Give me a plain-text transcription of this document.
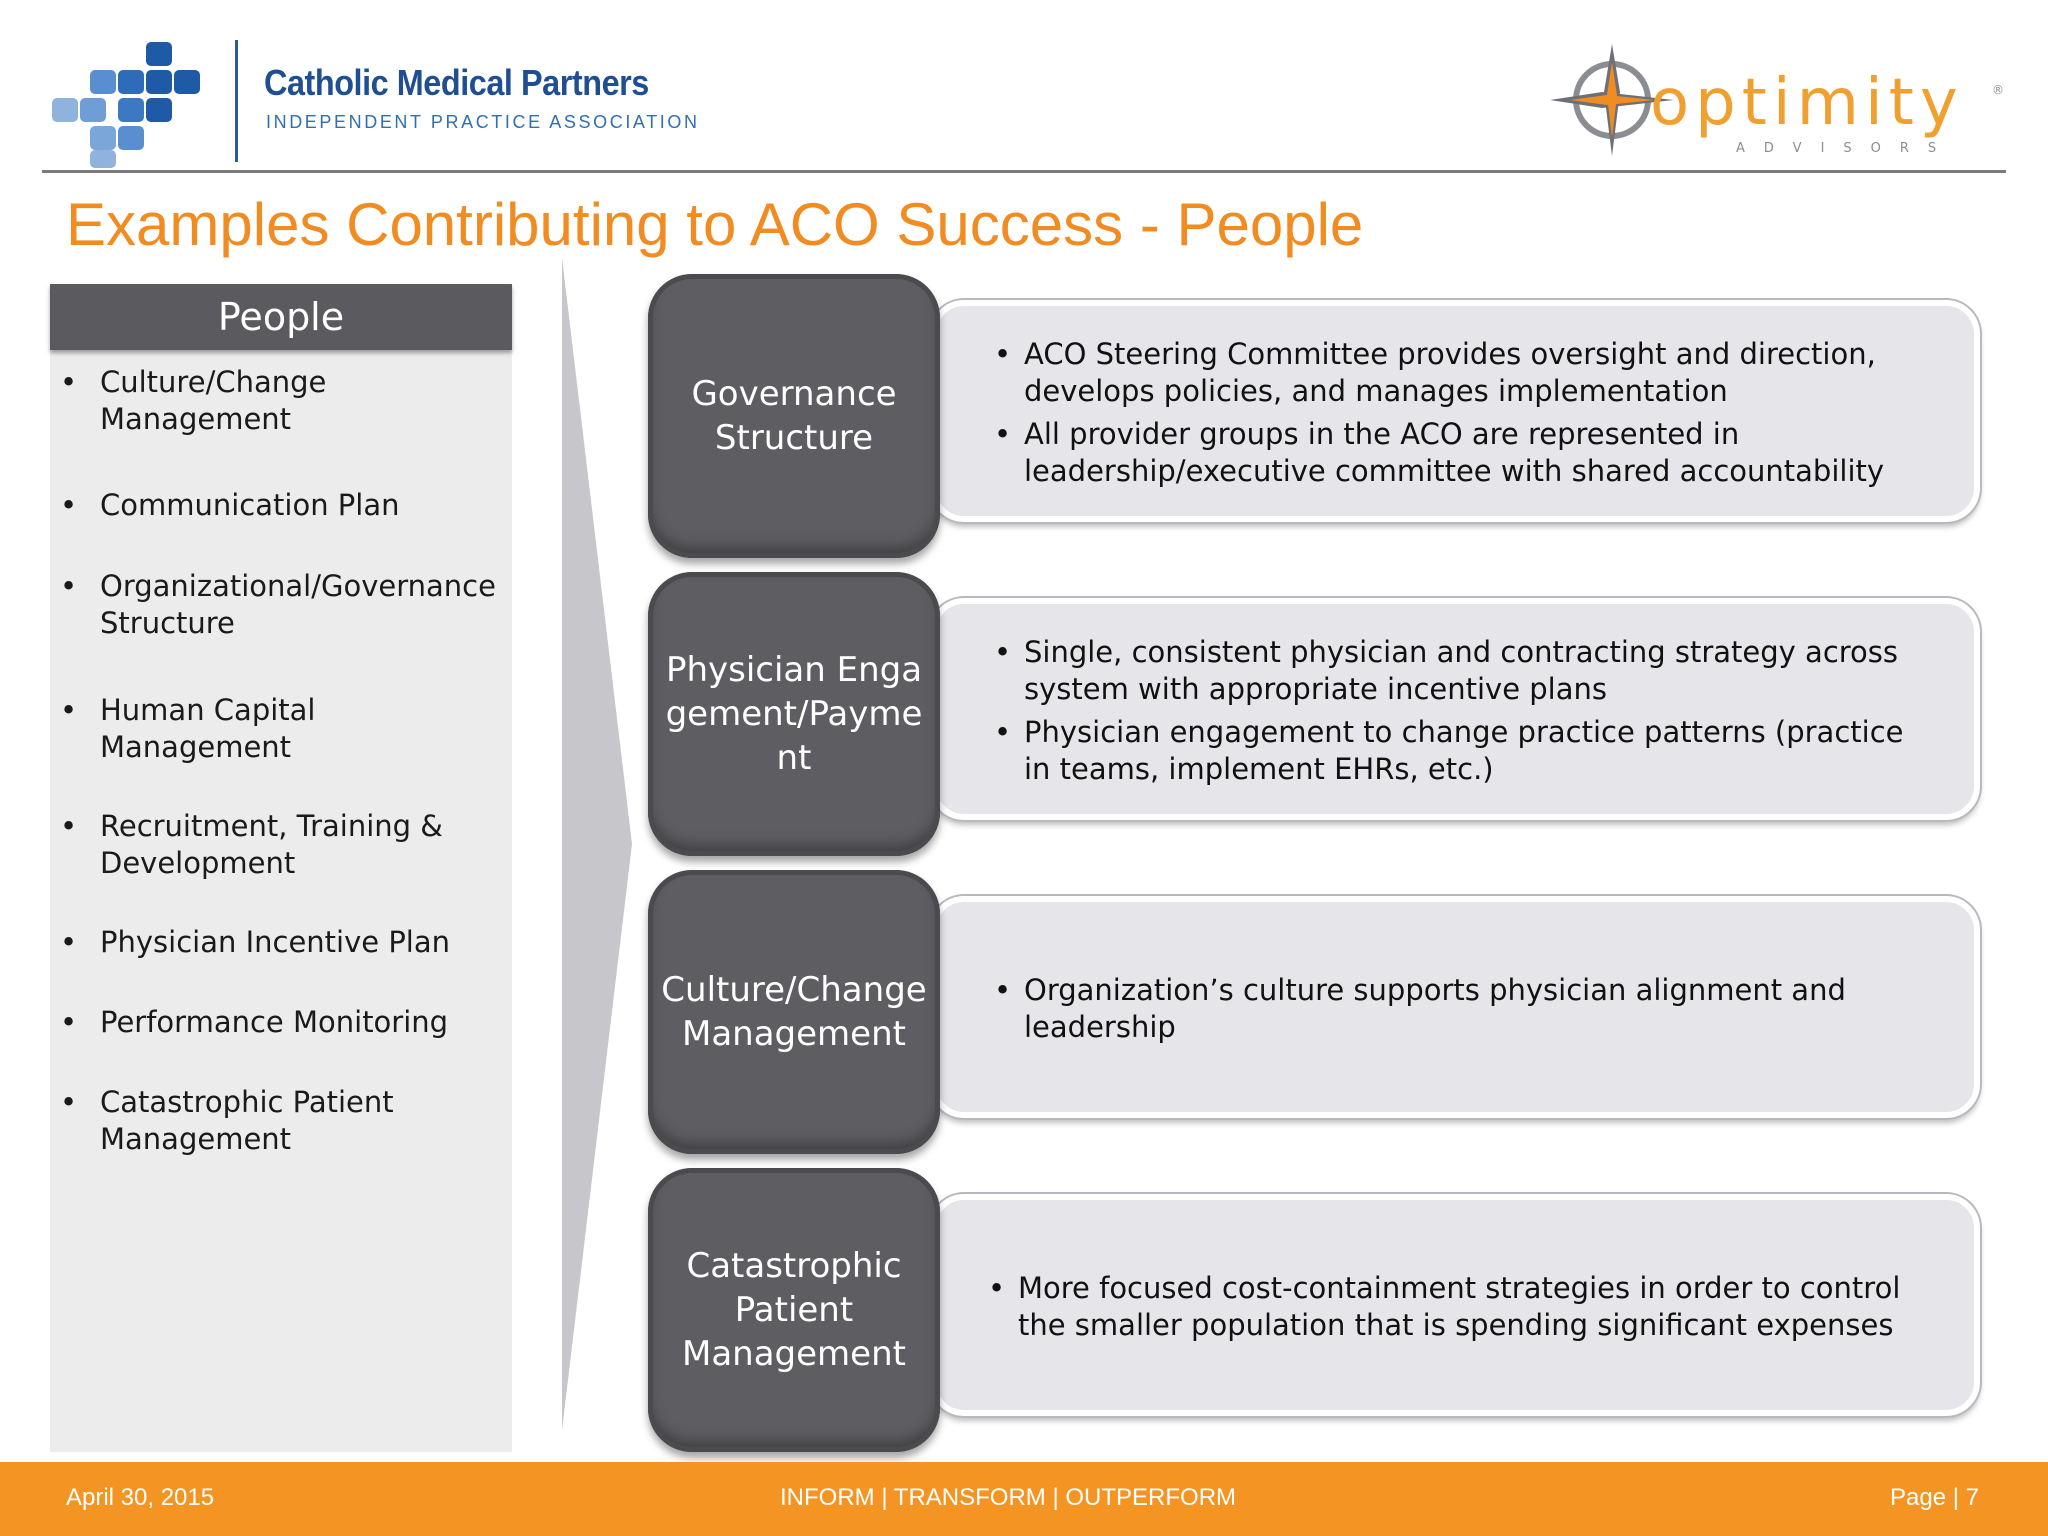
Catholic Medical Partners
INDEPENDENT PRACTICE ASSOCIATION	optimity
ADVISORS
®
Examples Contributing to ACO Success - People
People
• Culture/Change Management
• Communication Plan
• Organizational/Governance Structure
• Human Capital Management
• Recruitment, Training & Development
• Physician Incentive Plan
• Performance Monitoring
• Catastrophic Patient Management
• ACO Steering Committee provides oversight and direction, develops policies, and manages implementation
• All provider groups in the ACO are represented in leadership/executive committee with shared accountability
Governance Structure
• Single, consistent physician and contracting strategy across system with appropriate incentive plans
• Physician engagement to change practice patterns (practice in teams, implement EHRs, etc.)
Physician Engagement/Payment
• Organization’s culture supports physician alignment and leadership
Culture/Change Management
• More focused cost-containment strategies in order to control the smaller population that is spending significant expenses
Catastrophic Patient Management
April 30, 2015	INFORM | TRANSFORM | OUTPERFORM	Page | 7
